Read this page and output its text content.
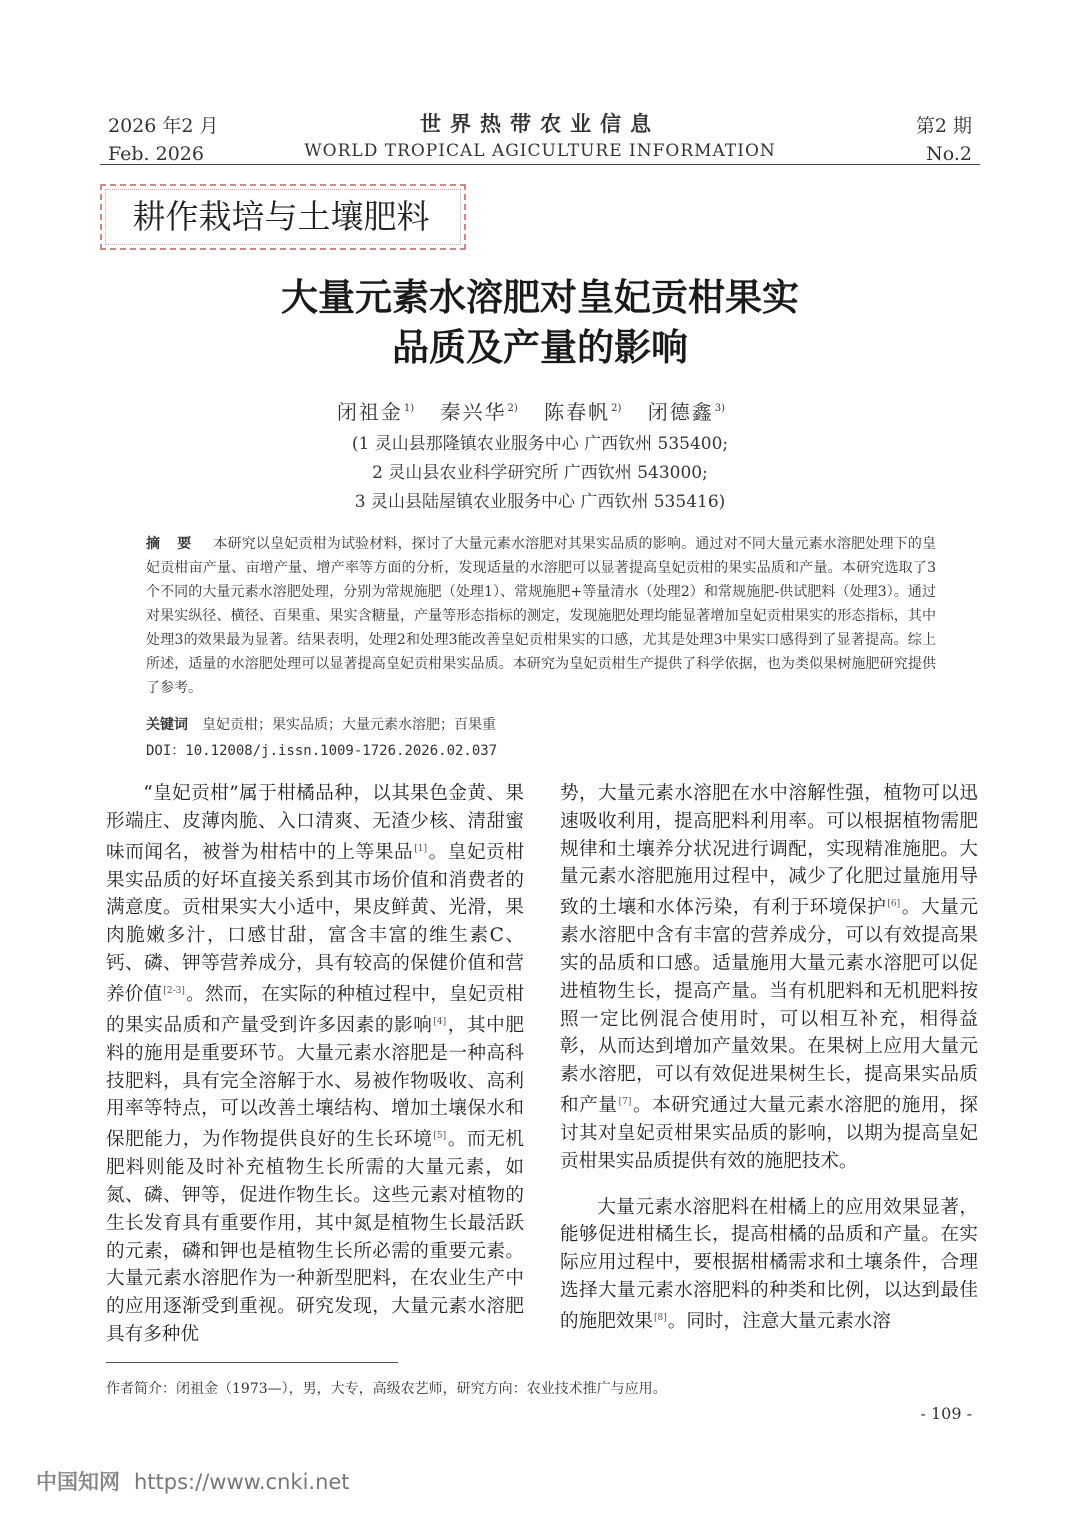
2026 年2 月
Feb. 2026
世界热带农业信息
WORLD TROPICAL AGICULTURE INFORMATION
第2 期
No.2
耕作栽培与土壤肥料
大量元素水溶肥对皇妃贡柑果实
品质及产量的影响
闭祖金$^{1)}$ 秦兴华$^{2)}$ 陈春帆$^{2)}$ 闭德鑫$^{3)}$
(1 灵山县那隆镇农业服务中心 广西钦州 535400;
2 灵山县农业科学研究所 广西钦州 543000;
3 灵山县陆屋镇农业服务中心 广西钦州 535416)
摘 要 本研究以皇妃贡柑为试验材料，探讨了大量元素水溶肥对其果实品质的影响。通过对不同大量元素水溶肥处理下的皇妃贡柑亩产量、亩增产量、增产率等方面的分析，发现适量的水溶肥可以显著提高皇妃贡柑的果实品质和产量。本研究选取了3个不同的大量元素水溶肥处理，分别为常规施肥（处理1）、常规施肥+等量清水（处理2）和常规施肥-供试肥料（处理3）。通过对果实纵径、横径、百果重、果实含糖量，产量等形态指标的测定，发现施肥处理均能显著增加皇妃贡柑果实的形态指标，其中处理3的效果最为显著。结果表明，处理2和处理3能改善皇妃贡柑果实的口感，尤其是处理3中果实口感得到了显著提高。综上所述，适量的水溶肥处理可以显著提高皇妃贡柑果实品质。本研究为皇妃贡柑生产提供了科学依据，也为类似果树施肥研究提供了参考。
关键词 皇妃贡柑；果实品质；大量元素水溶肥；百果重
DOI：10.12008/j.issn.1009-1726.2026.02.037

“皇妃贡柑”属于柑橘品种，以其果色金黄、果形端庄、皮薄肉脆、入口清爽、无渣少核、清甜蜜味而闻名，被誉为柑桔中的上等果品[1]。皇妃贡柑果实品质的好坏直接关系到其市场价值和消费者的满意度。贡柑果实大小适中，果皮鲜黄、光滑，果肉脆嫩多汁，口感甘甜，富含丰富的维生素C、钙、磷、钾等营养成分，具有较高的保健价值和营养价值[2-3]。然而，在实际的种植过程中，皇妃贡柑的果实品质和产量受到许多因素的影响[4]，其中肥料的施用是重要环节。大量元素水溶肥是一种高科技肥料，具有完全溶解于水、易被作物吸收、高利用率等特点，可以改善土壤结构、增加土壤保水和保肥能力，为作物提供良好的生长环境[5]。而无机肥料则能及时补充植物生长所需的大量元素，如氮、磷、钾等，促进作物生长。这些元素对植物的生长发育具有重要作用，其中氮是植物生长最活跃的元素，磷和钾也是植物生长所必需的重要元素。大量元素水溶肥作为一种新型肥料，在农业生产中的应用逐渐受到重视。研究发现，大量元素水溶肥具有多种优

势，大量元素水溶肥在水中溶解性强，植物可以迅速吸收利用，提高肥料利用率。可以根据植物需肥规律和土壤养分状况进行调配，实现精准施肥。大量元素水溶肥施用过程中，减少了化肥过量施用导致的土壤和水体污染，有利于环境保护[6]。大量元素水溶肥中含有丰富的营养成分，可以有效提高果实的品质和口感。适量施用大量元素水溶肥可以促进植物生长，提高产量。当有机肥料和无机肥料按照一定比例混合使用时，可以相互补充，相得益彰，从而达到增加产量效果。在果树上应用大量元素水溶肥，可以有效促进果树生长，提高果实品质和产量[7]。本研究通过大量元素水溶肥的施用，探讨其对皇妃贡柑果实品质的影响，以期为提高皇妃贡柑果实品质提供有效的施肥技术。

大量元素水溶肥料在柑橘上的应用效果显著，能够促进柑橘生长，提高柑橘的品质和产量。在实际应用过程中，要根据柑橘需求和土壤条件，合理选择大量元素水溶肥料的种类和比例，以达到最佳的施肥效果[8]。同时，注意大量元素水溶

作者简介：闭祖金（1973—），男，大专，高级农艺师，研究方向：农业技术推广与应用。
- 109 -
中国知网 https://www.cnki.net
